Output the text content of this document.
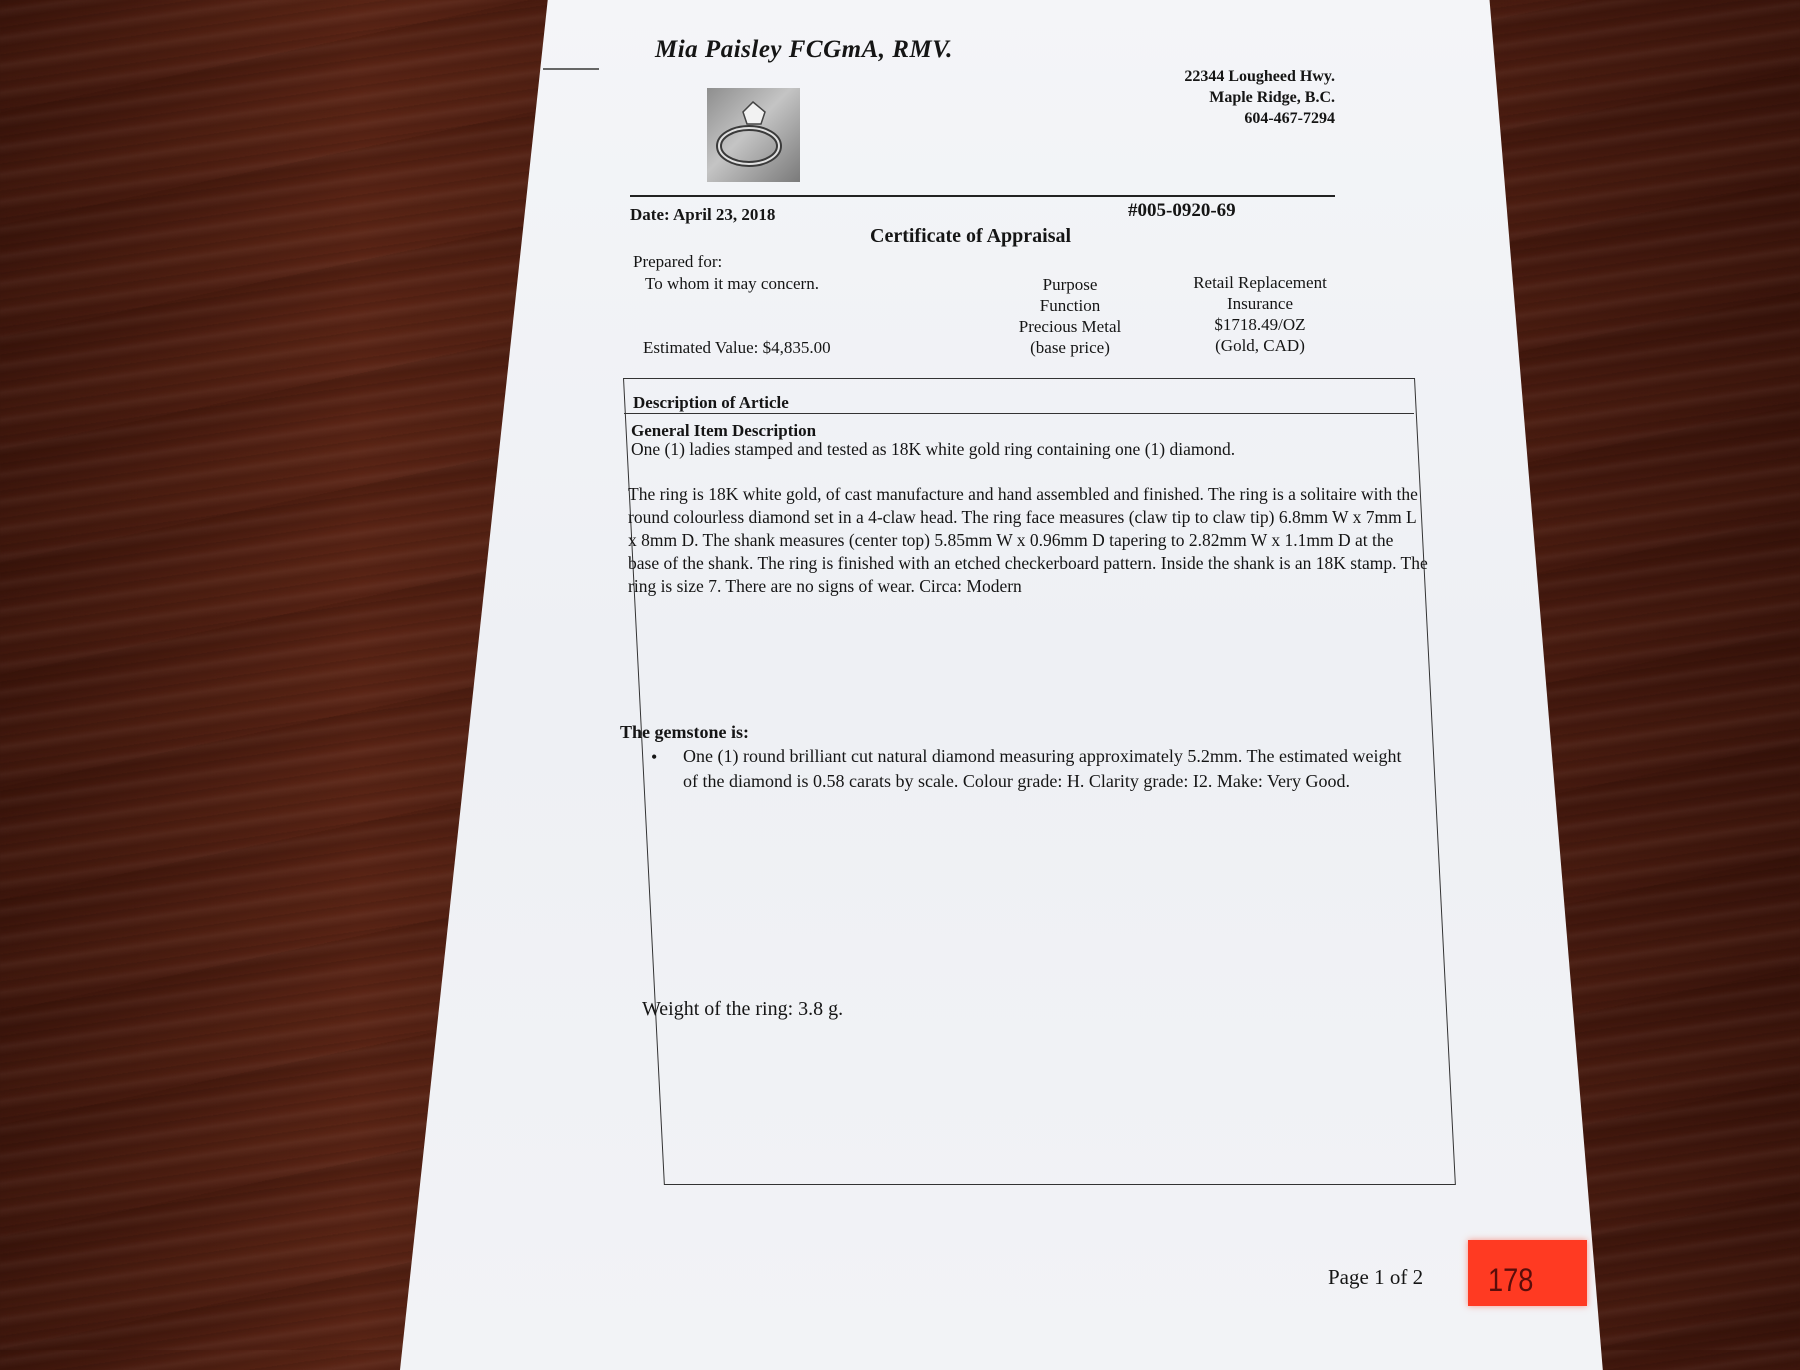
Mia Paisley FCGmA, RMV.
22344 Lougheed Hwy.
Maple Ridge, B.C.
604-467-7294
Date: April 23, 2018	#005-0920-69
Certificate of Appraisal
Prepared for:
To whom it may concern.
Estimated Value: $4,835.00
Purpose
Function
Precious Metal
(base price)
Retail Replacement
Insurance
$1718.49/OZ
(Gold, CAD)
Description of Article
General Item Description
One (1) ladies stamped and tested as 18K white gold ring containing one (1) diamond.
The ring is 18K white gold, of cast manufacture and hand assembled and finished. The ring is a solitaire with the round colourless diamond set in a 4-claw head. The ring face measures (claw tip to claw tip) 6.8mm W x 7mm L x 8mm D. The shank measures (center top) 5.85mm W x 0.96mm D tapering to 2.82mm W x 1.1mm D at the base of the shank. The ring is finished with an etched checkerboard pattern. Inside the shank is an 18K stamp. The ring is size 7. There are no signs of wear. Circa: Modern
The gemstone is:
• One (1) round brilliant cut natural diamond measuring approximately 5.2mm. The estimated weight of the diamond is 0.58 carats by scale. Colour grade: H. Clarity grade: I2. Make: Very Good.
Weight of the ring: 3.8 g.
Page 1 of 2 178
